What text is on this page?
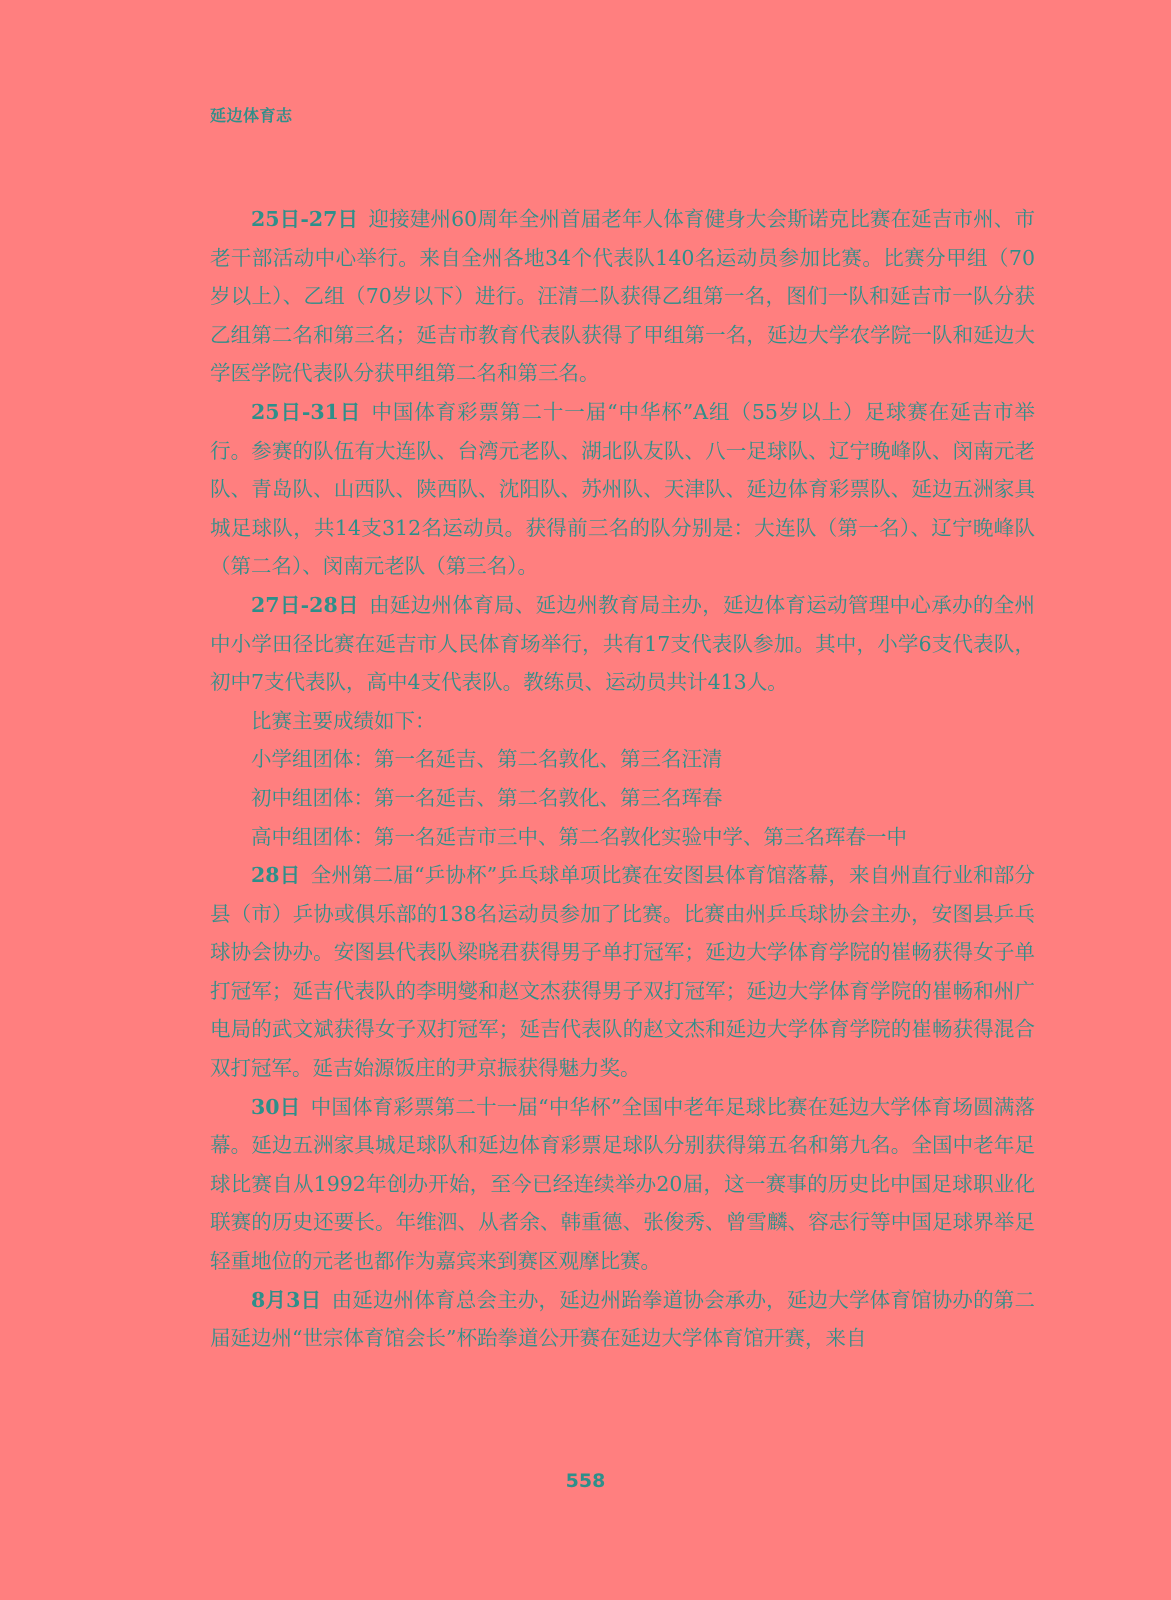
延边体育志

25日-27日 迎接建州60周年全州首届老年人体育健身大会斯诺克比赛在延吉市州、市老干部活动中心举行。来自全州各地34个代表队140名运动员参加比赛。比赛分甲组（70岁以上）、乙组（70岁以下）进行。汪清二队获得乙组第一名，图们一队和延吉市一队分获乙组第二名和第三名；延吉市教育代表队获得了甲组第一名，延边大学农学院一队和延边大学医学院代表队分获甲组第二名和第三名。

25日-31日 中国体育彩票第二十一届“中华杯”A组（55岁以上）足球赛在延吉市举行。参赛的队伍有大连队、台湾元老队、湖北队友队、八一足球队、辽宁晚峰队、闵南元老队、青岛队、山西队、陕西队、沈阳队、苏州队、天津队、延边体育彩票队、延边五洲家具城足球队，共14支312名运动员。获得前三名的队分别是：大连队（第一名）、辽宁晚峰队（第二名）、闵南元老队（第三名）。

27日-28日 由延边州体育局、延边州教育局主办，延边体育运动管理中心承办的全州中小学田径比赛在延吉市人民体育场举行，共有17支代表队参加。其中，小学6支代表队，初中7支代表队，高中4支代表队。教练员、运动员共计413人。

比赛主要成绩如下：

小学组团体：第一名延吉、第二名敦化、第三名汪清

初中组团体：第一名延吉、第二名敦化、第三名珲春

高中组团体：第一名延吉市三中、第二名敦化实验中学、第三名珲春一中

28日 全州第二届“乒协杯”乒乓球单项比赛在安图县体育馆落幕，来自州直行业和部分县（市）乒协或俱乐部的138名运动员参加了比赛。比赛由州乒乓球协会主办，安图县乒乓球协会协办。安图县代表队梁晓君获得男子单打冠军；延边大学体育学院的崔畅获得女子单打冠军；延吉代表队的李明燮和赵文杰获得男子双打冠军；延边大学体育学院的崔畅和州广电局的武文斌获得女子双打冠军；延吉代表队的赵文杰和延边大学体育学院的崔畅获得混合双打冠军。延吉始源饭庄的尹京振获得魅力奖。

30日 中国体育彩票第二十一届“中华杯”全国中老年足球比赛在延边大学体育场圆满落幕。延边五洲家具城足球队和延边体育彩票足球队分别获得第五名和第九名。全国中老年足球比赛自从1992年创办开始，至今已经连续举办20届，这一赛事的历史比中国足球职业化联赛的历史还要长。年维泗、从者余、韩重德、张俊秀、曾雪麟、容志行等中国足球界举足轻重地位的元老也都作为嘉宾来到赛区观摩比赛。

8月3日 由延边州体育总会主办，延边州跆拳道协会承办，延边大学体育馆协办的第二届延边州“世宗体育馆会长”杯跆拳道公开赛在延边大学体育馆开赛，来自

558
